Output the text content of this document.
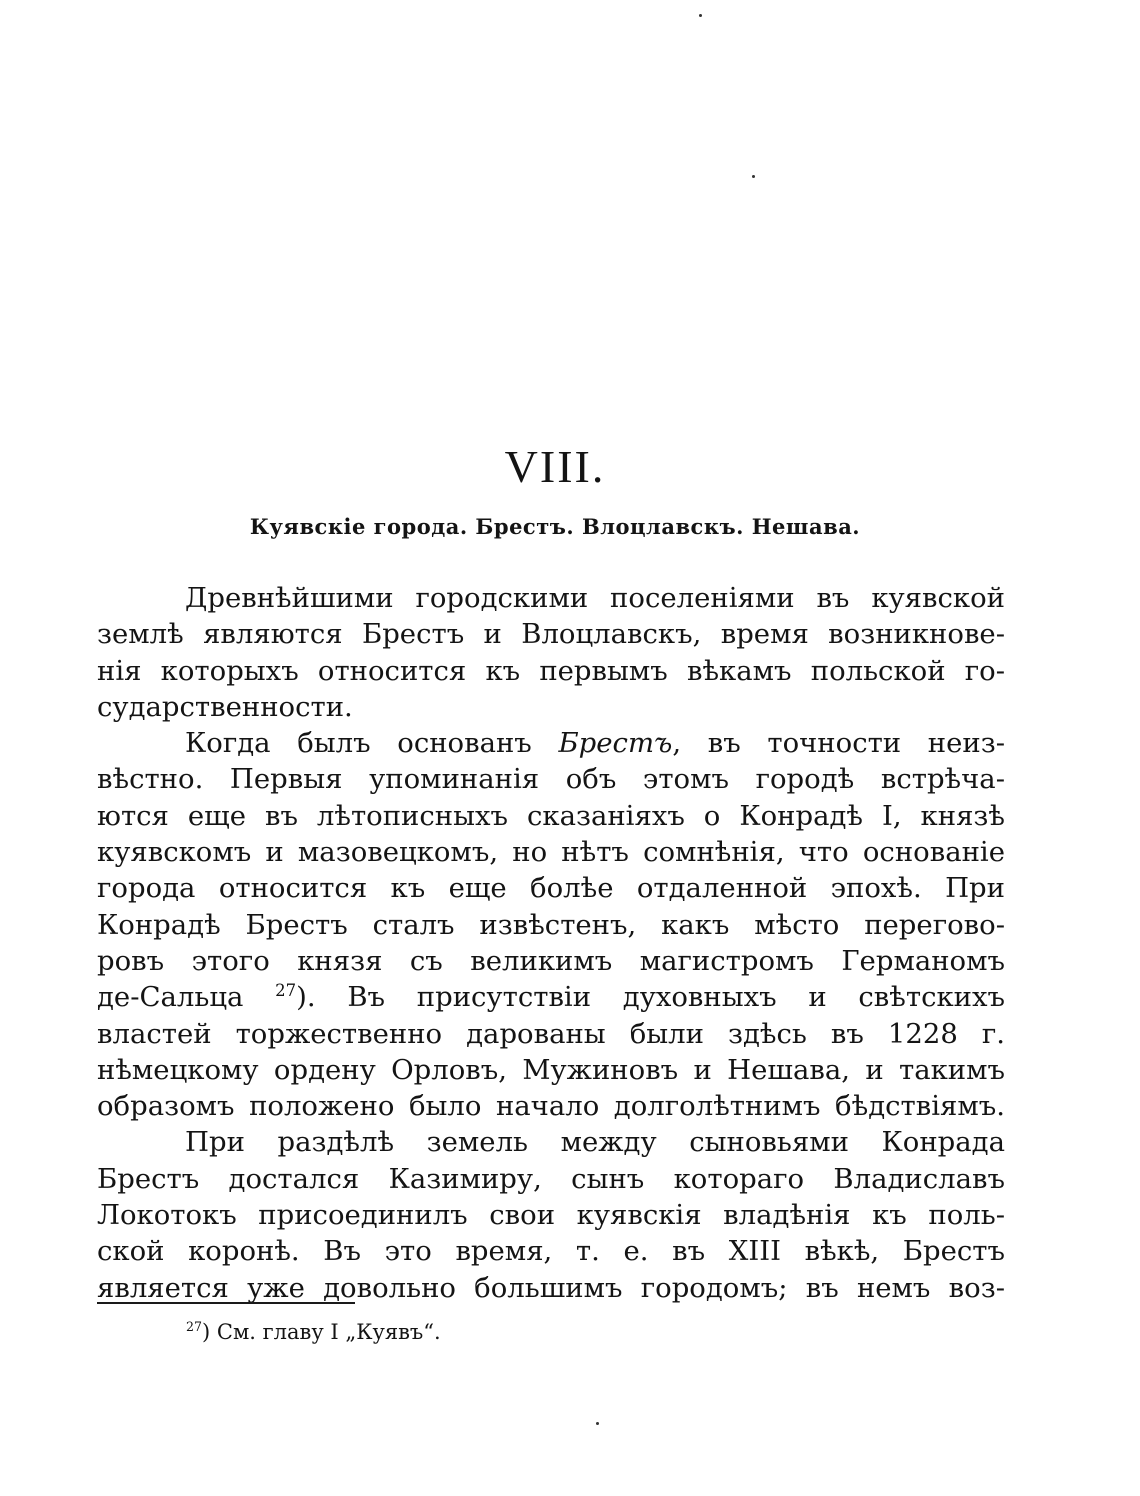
VIII.
Куявскіе города. Брестъ. Влоцлавскъ. Нешава.
Древнѣйшими городскими поселеніями въ куявской
землѣ являются Брестъ и Влоцлавскъ, время возникнове-
нія которыхъ относится къ первымъ вѣкамъ польской го-
сударственности.
Когда былъ основанъ Брестъ, въ точности неиз-
вѣстно. Первыя упоминанія объ этомъ городѣ встрѣча-
ются еще въ лѣтописныхъ сказаніяхъ о Конрадѣ I, князѣ
куявскомъ и мазовецкомъ, но нѣтъ сомнѣнія, что основаніе
города относится къ еще болѣе отдаленной эпохѣ. При
Конрадѣ Брестъ сталъ извѣстенъ, какъ мѣсто перегово-
ровъ этого князя съ великимъ магистромъ Германомъ
де-Сальца $^{27}$). Въ присутствіи духовныхъ и свѣтскихъ
властей торжественно дарованы были здѣсь въ 1228 г.
нѣмецкому ордену Орловъ, Мужиновъ и Нешава, и такимъ
образомъ положено было начало долголѣтнимъ бѣдствіямъ.
При раздѣлѣ земель между сыновьями Конрада
Брестъ достался Казимиру, сынъ котораго Владиславъ
Локотокъ присоединилъ свои куявскія владѣнія къ поль-
ской коронѣ. Въ это время, т. е. въ XIII вѣкѣ, Брестъ
является уже довольно большимъ городомъ; въ немъ воз-
$^{27}$) См. главу I „Куявъ“.
